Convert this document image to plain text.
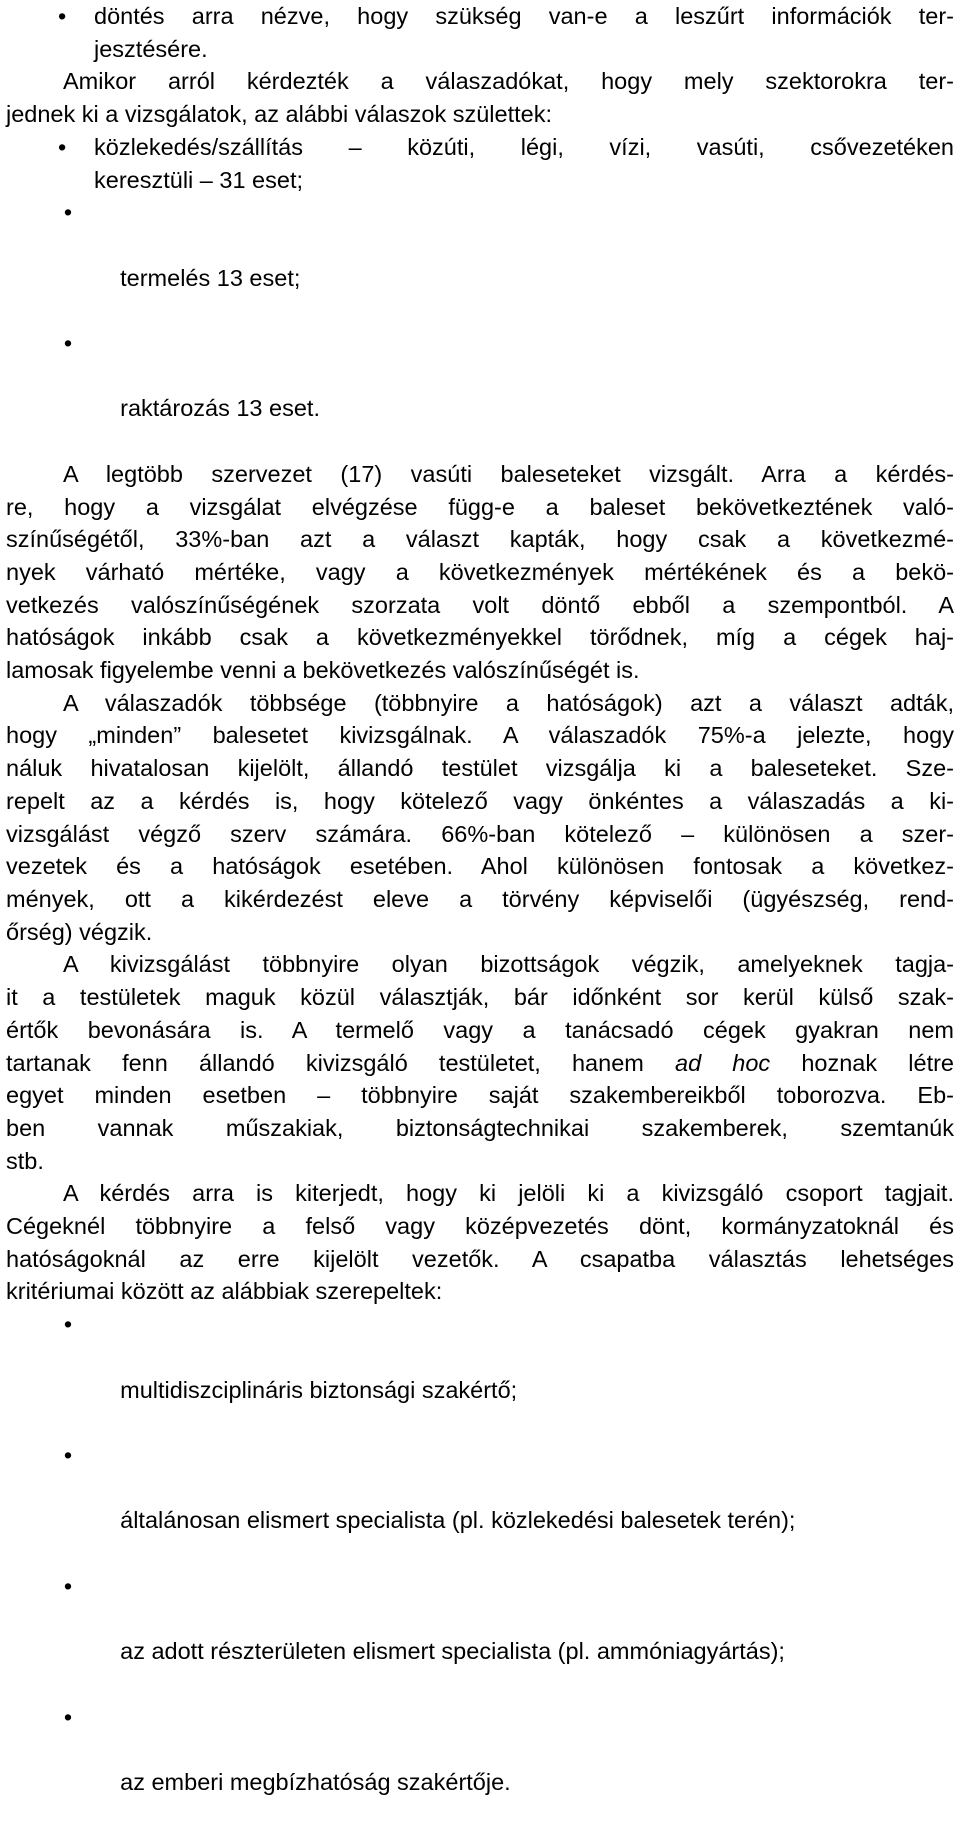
•	döntés arra nézve, hogy szükség van-e a leszűrt információk ter-
jesztésére.
Amikor arról kérdezték a válaszadókat, hogy mely szektorokra ter-
jednek ki a vizsgálatok, az alábbi válaszok születtek:
•	közlekedés/szállítás – közúti, légi, vízi, vasúti, csővezetéken
keresztüli – 31 eset;

•

termelés 13 eset;

•

raktározás 13 eset.

A legtöbb szervezet (17) vasúti baleseteket vizsgált. Arra a kérdés-
re, hogy a vizsgálat elvégzése függ-e a baleset bekövetkeztének való-
színűségétől, 33%-ban azt a választ kapták, hogy csak a következmé-
nyek várható mértéke, vagy a következmények mértékének és a bekö-
vetkezés valószínűségének szorzata volt döntő ebből a szempontból. A
hatóságok inkább csak a következményekkel törődnek, míg a cégek haj-
lamosak figyelembe venni a bekövetkezés valószínűségét is.
A válaszadók többsége (többnyire a hatóságok) azt a választ adták,
hogy „minden” balesetet kivizsgálnak. A válaszadók 75%-a jelezte, hogy
náluk hivatalosan kijelölt, állandó testület vizsgálja ki a baleseteket. Sze-
repelt az a kérdés is, hogy kötelező vagy önkéntes a válaszadás a ki-
vizsgálást végző szerv számára. 66%-ban kötelező – különösen a szer-
vezetek és a hatóságok esetében. Ahol különösen fontosak a következ-
mények, ott a kikérdezést eleve a törvény képviselői (ügyészség, rend-
őrség) végzik.
A kivizsgálást többnyire olyan bizottságok végzik, amelyeknek tagja-
it a testületek maguk közül választják, bár időnként sor kerül külső szak-
értők bevonására is. A termelő vagy a tanácsadó cégek gyakran nem
tartanak fenn állandó kivizsgáló testületet, hanem ad hoc hoznak létre
egyet minden esetben – többnyire saját szakembereikből toborozva. Eb-
ben vannak műszakiak, biztonságtechnikai szakemberek, szemtanúk
stb.
A kérdés arra is kiterjedt, hogy ki jelöli ki a kivizsgáló csoport tagjait.
Cégeknél többnyire a felső vagy középvezetés dönt, kormányzatoknál és
hatóságoknál az erre kijelölt vezetők. A csapatba választás lehetséges
kritériumai között az alábbiak szerepeltek:

•

multidiszciplináris biztonsági szakértő;

•

általánosan elismert specialista (pl. közlekedési balesetek terén);

•

az adott részterületen elismert specialista (pl. ammóniagyártás);

•

az emberi megbízhatóság szakértője.
